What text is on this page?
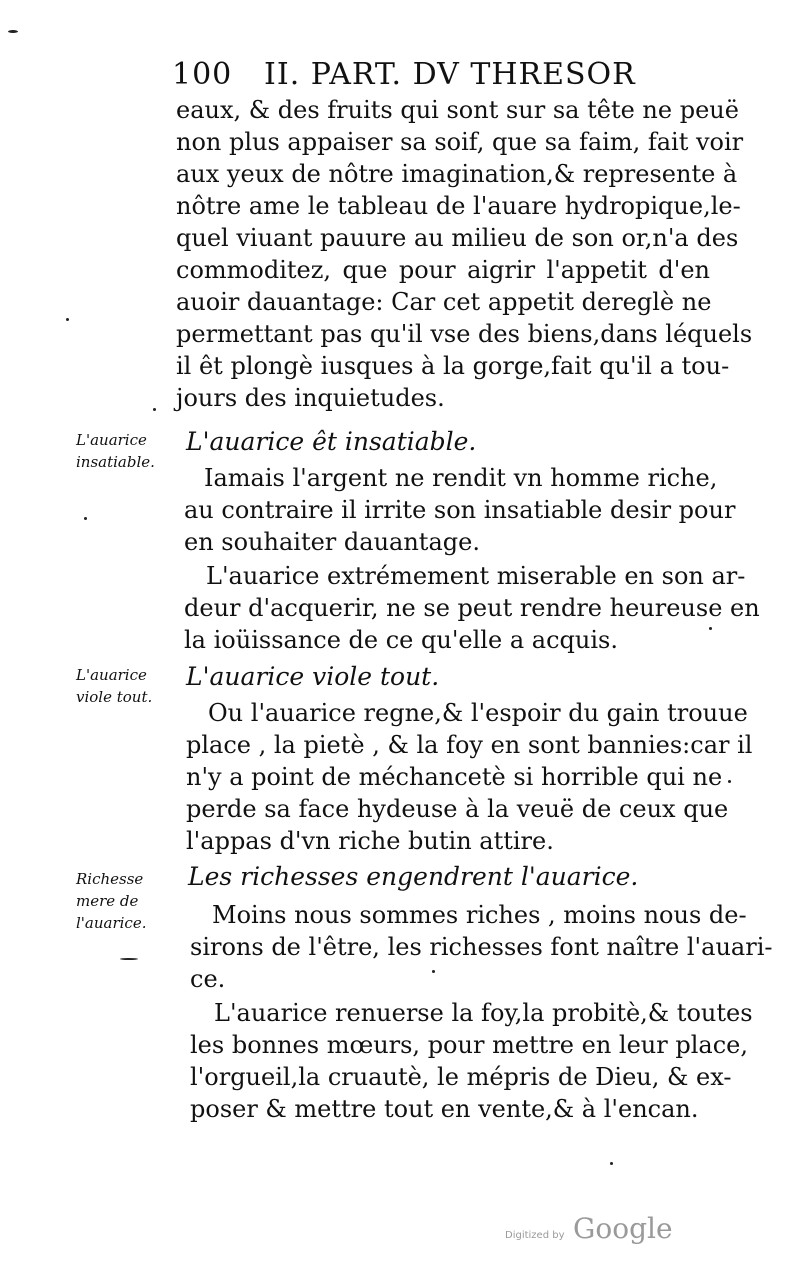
100 II. PART. DV THRESOR
eaux, & des fruits qui sont sur sa tête ne peuë
non plus appaiser sa soif, que sa faim, fait voir
aux yeux de nôtre imagination,& represente à
nôtre ame le tableau de l'auare hydropique,le-
quel viuant pauure au milieu de son or,n'a des
commoditez, que pour aigrir l'appetit d'en
auoir dauantage: Car cet appetit dereglè ne
permettant pas qu'il vse des biens,dans léquels
il êt plongè iusques à la gorge,fait qu'il a tou-
jours des inquietudes.
L'auarice
insatiable.
L'auarice êt insatiable.
Iamais l'argent ne rendit vn homme riche,
au contraire il irrite son insatiable desir pour
en souhaiter dauantage.
L'auarice extrémement miserable en son ar-
deur d'acquerir, ne se peut rendre heureuse en
la ioüissance de ce qu'elle a acquis.
L'auarice
viole tout.
L'auarice viole tout.
Ou l'auarice regne,& l'espoir du gain trouue
place , la pietè , & la foy en sont bannies:car il
n'y a point de méchancetè si horrible qui ne
perde sa face hydeuse à la veuë de ceux que
l'appas d'vn riche butin attire.
Richesse
mere de
l'auarice.
Les richesses engendrent l'auarice.
Moins nous sommes riches , moins nous de-
sirons de l'être, les richesses font naître l'auari-
ce.
L'auarice renuerse la foy,la probitè,& toutes
les bonnes mœurs, pour mettre en leur place,
l'orgueil,la cruautè, le mépris de Dieu, & ex-
poser & mettre tout en vente,& à l'encan.
Digitized by Google
